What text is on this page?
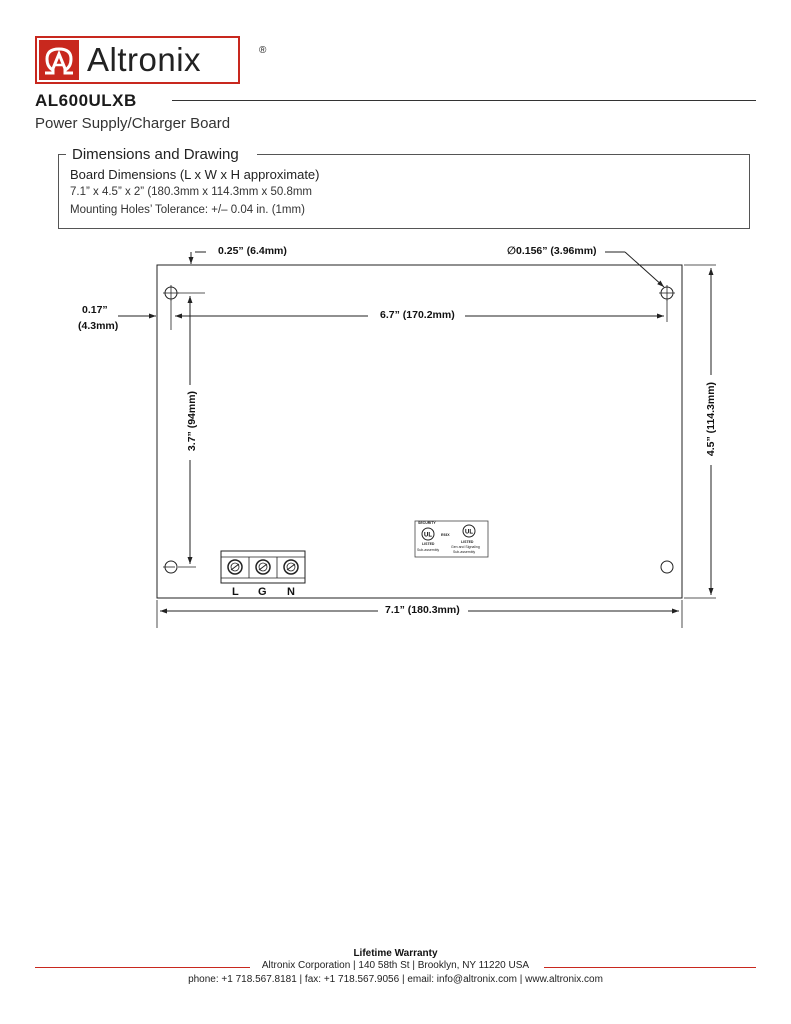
Altronix	®
AL600ULXB
Power Supply/Charger Board
Dimensions and Drawing
Board Dimensions (L x W x H approximate)
7.1” x 4.5” x 2” (180.3mm x 114.3mm x 50.8mm
Mounting Holes’ Tolerance: +/– 0.04 in. (1mm)
UL	UL
0.25” (6.4mm)	∅0.156” (3.96mm)
0.17”
(4.3mm)
6.7” (170.2mm)
3.7” (94mm)	4.5” (114.3mm)
7.1” (180.3mm)
L G N
SECURITY
LISTED
Sub-assembly
E93X
LISTED
Gen and Signaling
Sub-assembly
Lifetime Warranty
Altronix Corporation | 140 58th St | Brooklyn, NY 11220 USA
phone: +1 718.567.8181 | fax: +1 718.567.9056 | email: info@altronix.com | www.altronix.com
